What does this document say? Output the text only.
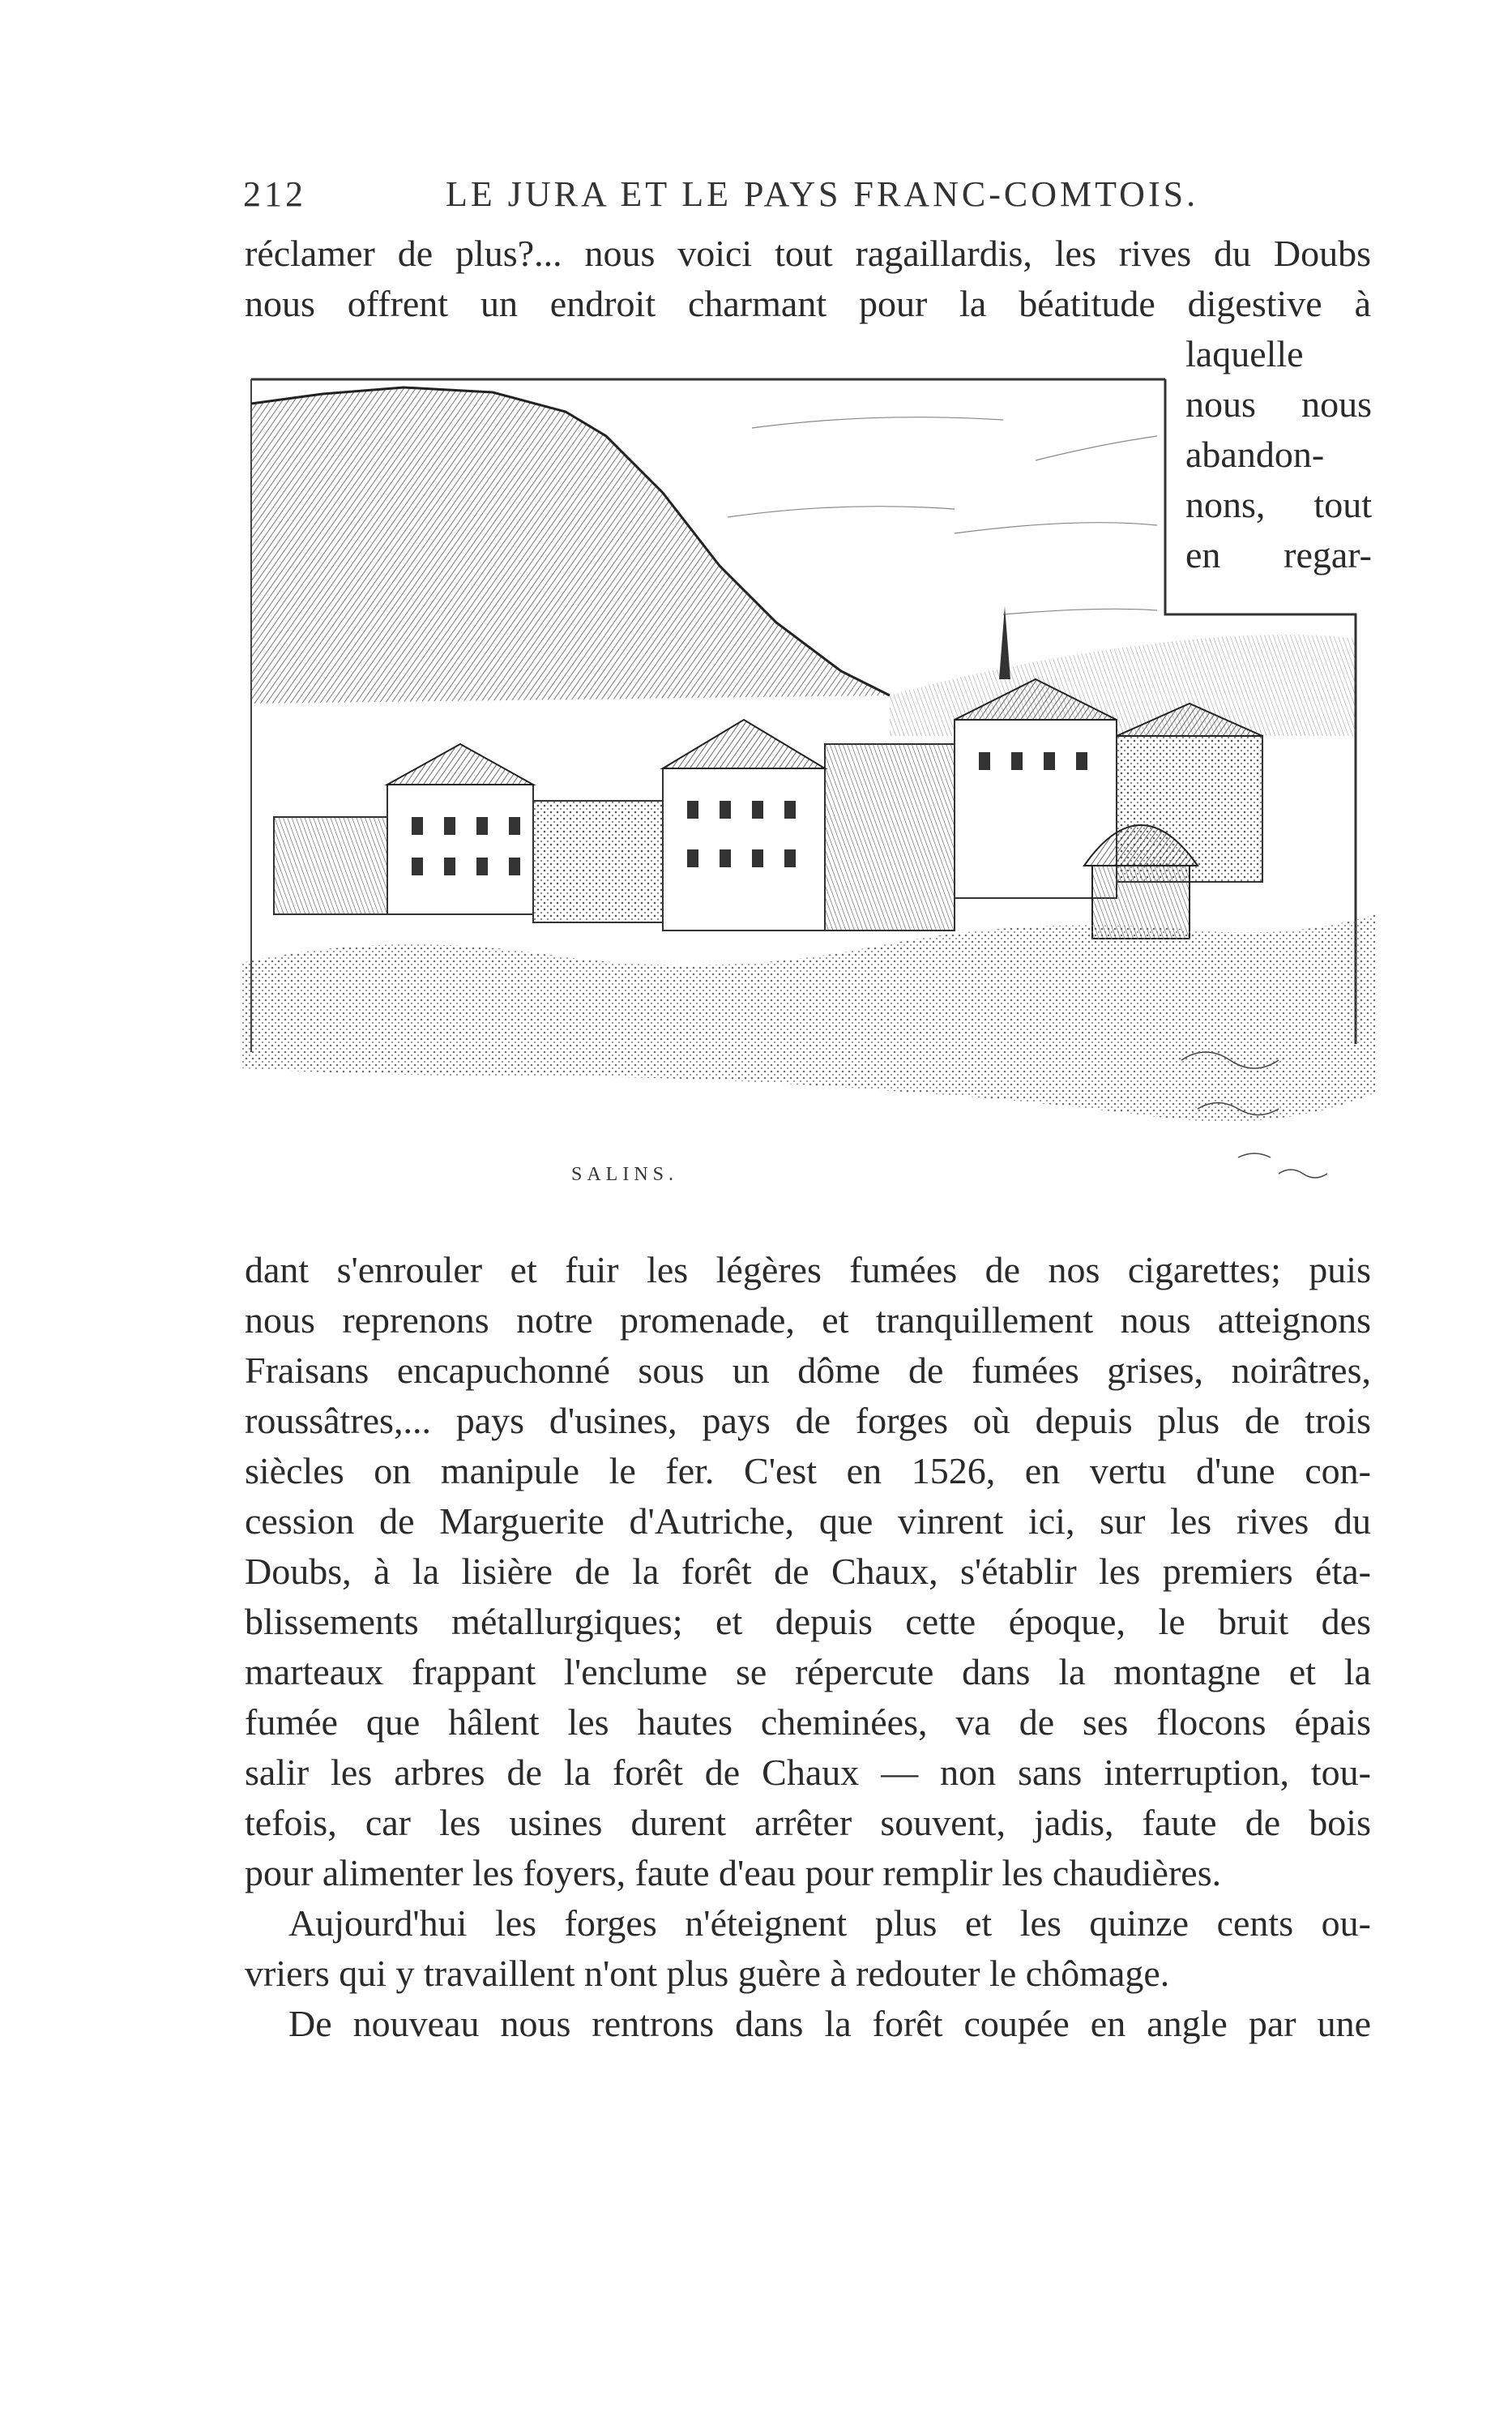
212	LE JURA ET LE PAYS FRANC-COMTOIS.
réclamer de plus?... nous voici tout ragaillardis, les rives du Doubs
nous offrent un endroit charmant pour la béatitude digestive à
laquelle
nous nous
abandon-
nons, tout
en regar-
SALINS.
dant s'enrouler et fuir les légères fumées de nos cigarettes; puis
nous reprenons notre promenade, et tranquillement nous atteignons
Fraisans encapuchonné sous un dôme de fumées grises, noirâtres,
roussâtres,... pays d'usines, pays de forges où depuis plus de trois
siècles on manipule le fer. C'est en 1526, en vertu d'une con-
cession de Marguerite d'Autriche, que vinrent ici, sur les rives du
Doubs, à la lisière de la forêt de Chaux, s'établir les premiers éta-
blissements métallurgiques; et depuis cette époque, le bruit des
marteaux frappant l'enclume se répercute dans la montagne et la
fumée que hâlent les hautes cheminées, va de ses flocons épais
salir les arbres de la forêt de Chaux — non sans interruption, tou-
tefois, car les usines durent arrêter souvent, jadis, faute de bois
pour alimenter les foyers, faute d'eau pour remplir les chaudières.
Aujourd'hui les forges n'éteignent plus et les quinze cents ou-
vriers qui y travaillent n'ont plus guère à redouter le chômage.
De nouveau nous rentrons dans la forêt coupée en angle par une
